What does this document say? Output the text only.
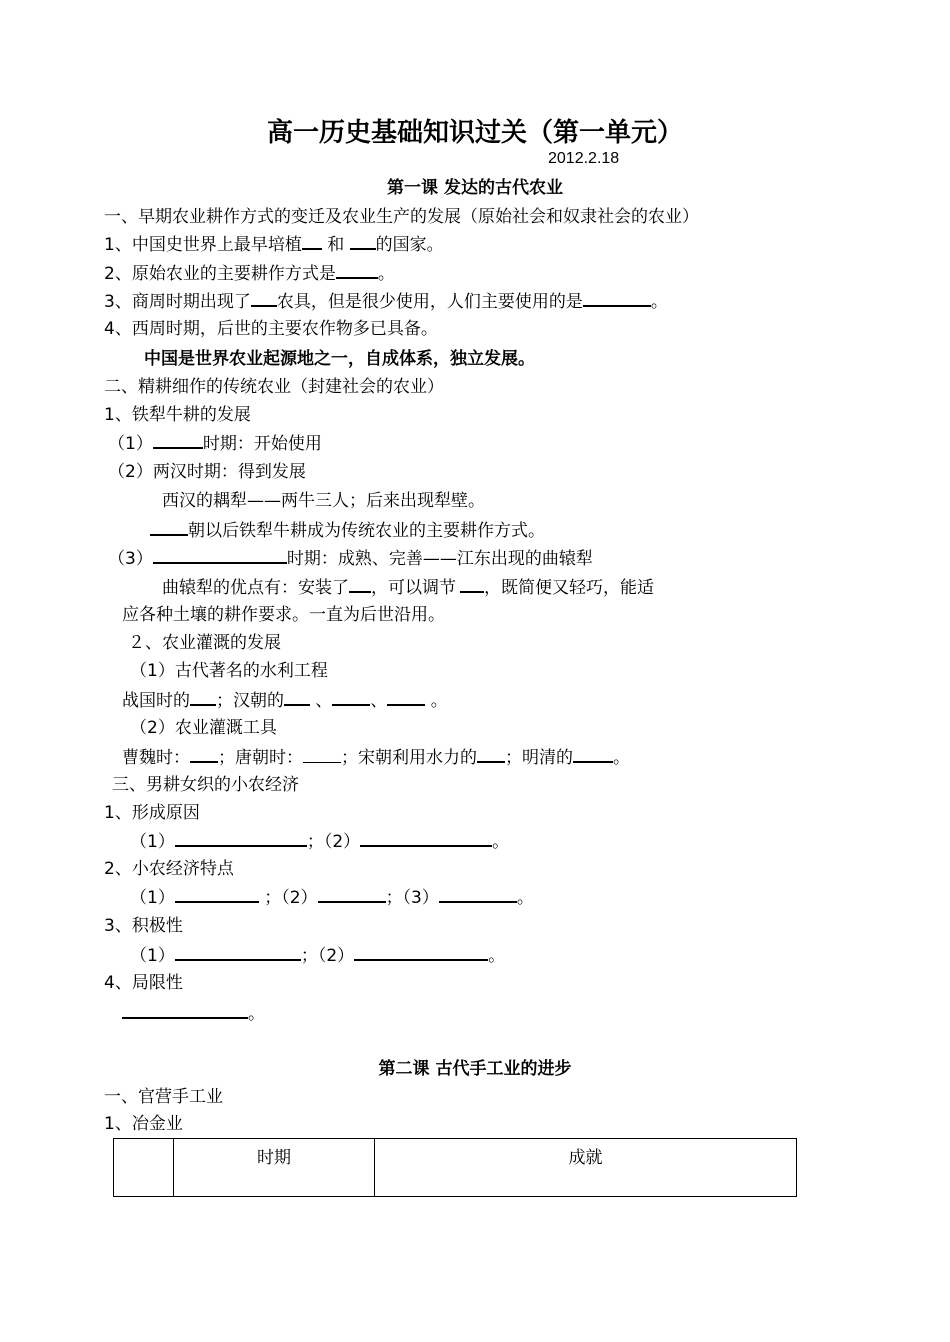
高一历史基础知识过关（第一单元）
2012.2.18
第一课 发达的古代农业
一、早期农业耕作方式的变迁及农业生产的发展（原始社会和奴隶社会的农业）
1、中国史世界上最早培植 和 的国家。
2、原始农业的主要耕作方式是 。
3、商周时期出现了 农具，但是很少使用，人们主要使用的是	。
4、西周时期，后世的主要农作物多已具备。
中国是世界农业起源地之一，自成体系，独立发展。
二、精耕细作的传统农业（封建社会的农业）
1、铁犁牛耕的发展
（1）	时期：开始使用
（2）两汉时期：得到发展
西汉的耦犁——两牛三人；后来出现犁壁。
朝以后铁犁牛耕成为传统农业的主要耕作方式。
（3）	时期：成熟、完善——江东出现的曲辕犁
曲辕犁的优点有：安装了 ，可以调节 ，既简便又轻巧，能适
应各种土壤的耕作要求。一直为后世沿用。
２、农业灌溉的发展
（1）古代著名的水利工程
战国时的 ；汉朝的 、 、 。
（2）农业灌溉工具
曹魏时： ；唐朝时： ；宋朝利用水力的 ；明清的 。
三、男耕女织的小农经济
1、形成原因
（1）	；（2）	。
2、小农经济特点
（1）	；（2）	；（3）	。
3、积极性
（1）	；（2）	。
4、局限性
。
第二课 古代手工业的进步
一、官营手工业
1、冶金业
	时期	成就
